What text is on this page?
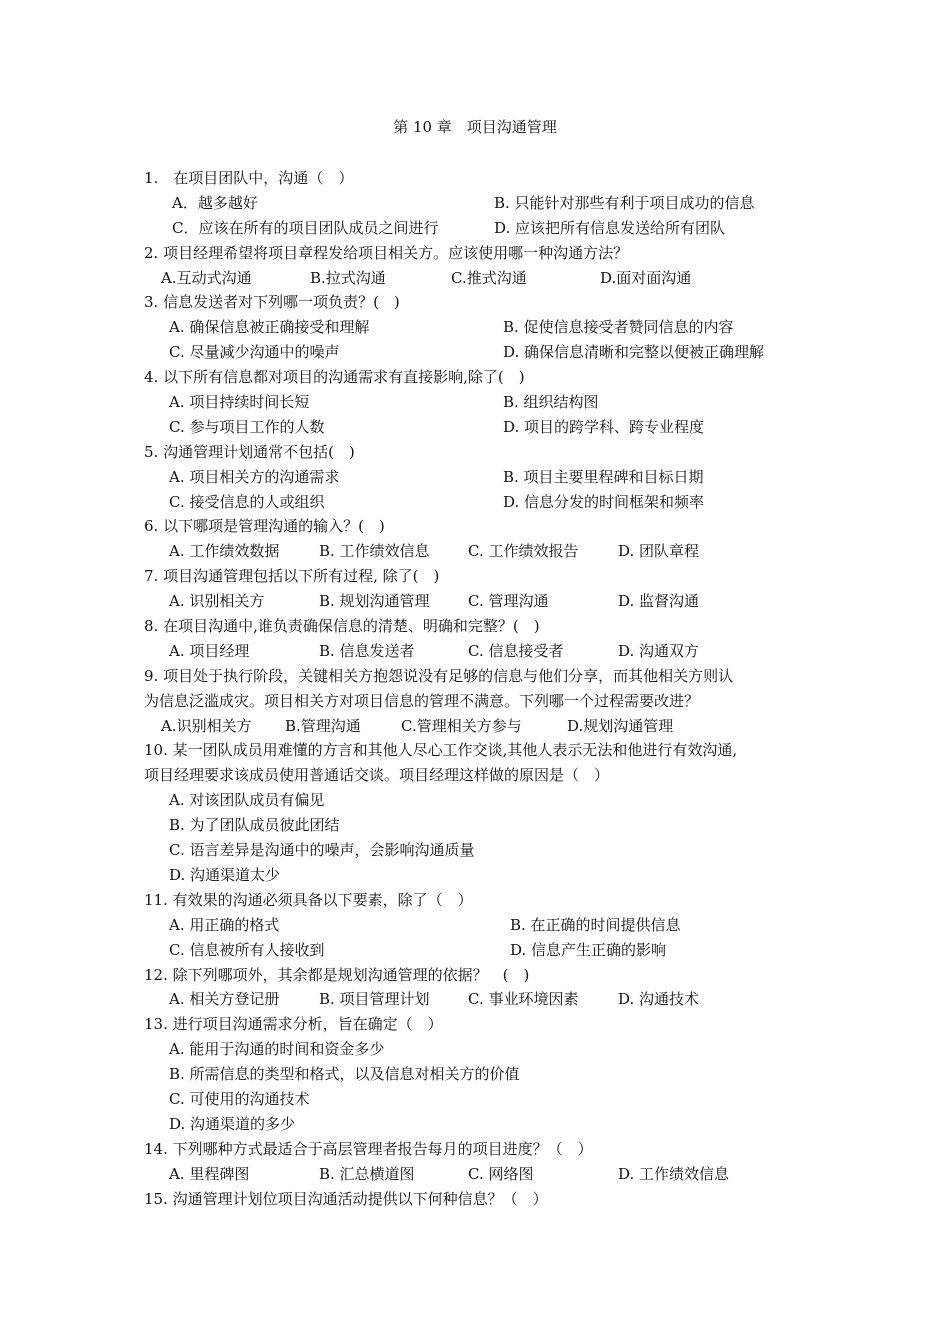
第 10 章　项目沟通管理
1.　在项目团队中，沟通（　）
A．越多越好	B. 只能针对那些有利于项目成功的信息
C．应该在所有的项目团队成员之间进行	D. 应该把所有信息发送给所有团队
2. 项目经理希望将项目章程发给项目相关方。应该使用哪一种沟通方法？
A.互动式沟通	B.拉式沟通	C.推式沟通	D.面对面沟通
3. 信息发送者对下列哪一项负责？(　)
A. 确保信息被正确接受和理解	B. 促使信息接受者赞同信息的内容
C. 尽量减少沟通中的噪声	D. 确保信息清晰和完整以便被正确理解
4. 以下所有信息都对项目的沟通需求有直接影响,除了(　)
A. 项目持续时间长短	B. 组织结构图
C. 参与项目工作的人数	D. 项目的跨学科、跨专业程度
5. 沟通管理计划通常不包括(　)
A. 项目相关方的沟通需求	B. 项目主要里程碑和目标日期
C. 接受信息的人或组织	D. 信息分发的时间框架和频率
6. 以下哪项是管理沟通的输入？(　)
A. 工作绩效数据	B. 工作绩效信息	C. 工作绩效报告	D. 团队章程
7. 项目沟通管理包括以下所有过程, 除了(　)
A. 识别相关方	B. 规划沟通管理	C. 管理沟通	D. 监督沟通
8. 在项目沟通中,谁负责确保信息的清楚、明确和完整？(　)
A. 项目经理	B. 信息发送者	C. 信息接受者	D. 沟通双方
9. 项目处于执行阶段，关键相关方抱怨说没有足够的信息与他们分享，而其他相关方则认
为信息泛滥成灾。项目相关方对项目信息的管理不满意。下列哪一个过程需要改进？
A.识别相关方 B.管理沟通	C.管理相关方参与	D.规划沟通管理
10. 某一团队成员用难懂的方言和其他人尽心工作交谈,其他人表示无法和他进行有效沟通,
项目经理要求该成员使用普通话交谈。项目经理这样做的原因是（　）
A. 对该团队成员有偏见
B. 为了团队成员彼此团结
C. 语言差异是沟通中的噪声，会影响沟通质量
D. 沟通渠道太少
11. 有效果的沟通必须具备以下要素，除了（　）
A. 用正确的格式	B. 在正确的时间提供信息
C. 信息被所有人接收到	D. 信息产生正确的影响
12. 除下列哪项外，其余都是规划沟通管理的依据？　(　)
A. 相关方登记册	B. 项目管理计划	C. 事业环境因素	D. 沟通技术
13. 进行项目沟通需求分析，旨在确定（　）
A. 能用于沟通的时间和资金多少
B. 所需信息的类型和格式，以及信息对相关方的价值
C. 可使用的沟通技术
D. 沟通渠道的多少
14. 下列哪种方式最适合于高层管理者报告每月的项目进度？（　）
A. 里程碑图	B. 汇总横道图	C. 网络图	D. 工作绩效信息
15. 沟通管理计划位项目沟通活动提供以下何种信息？（　）
